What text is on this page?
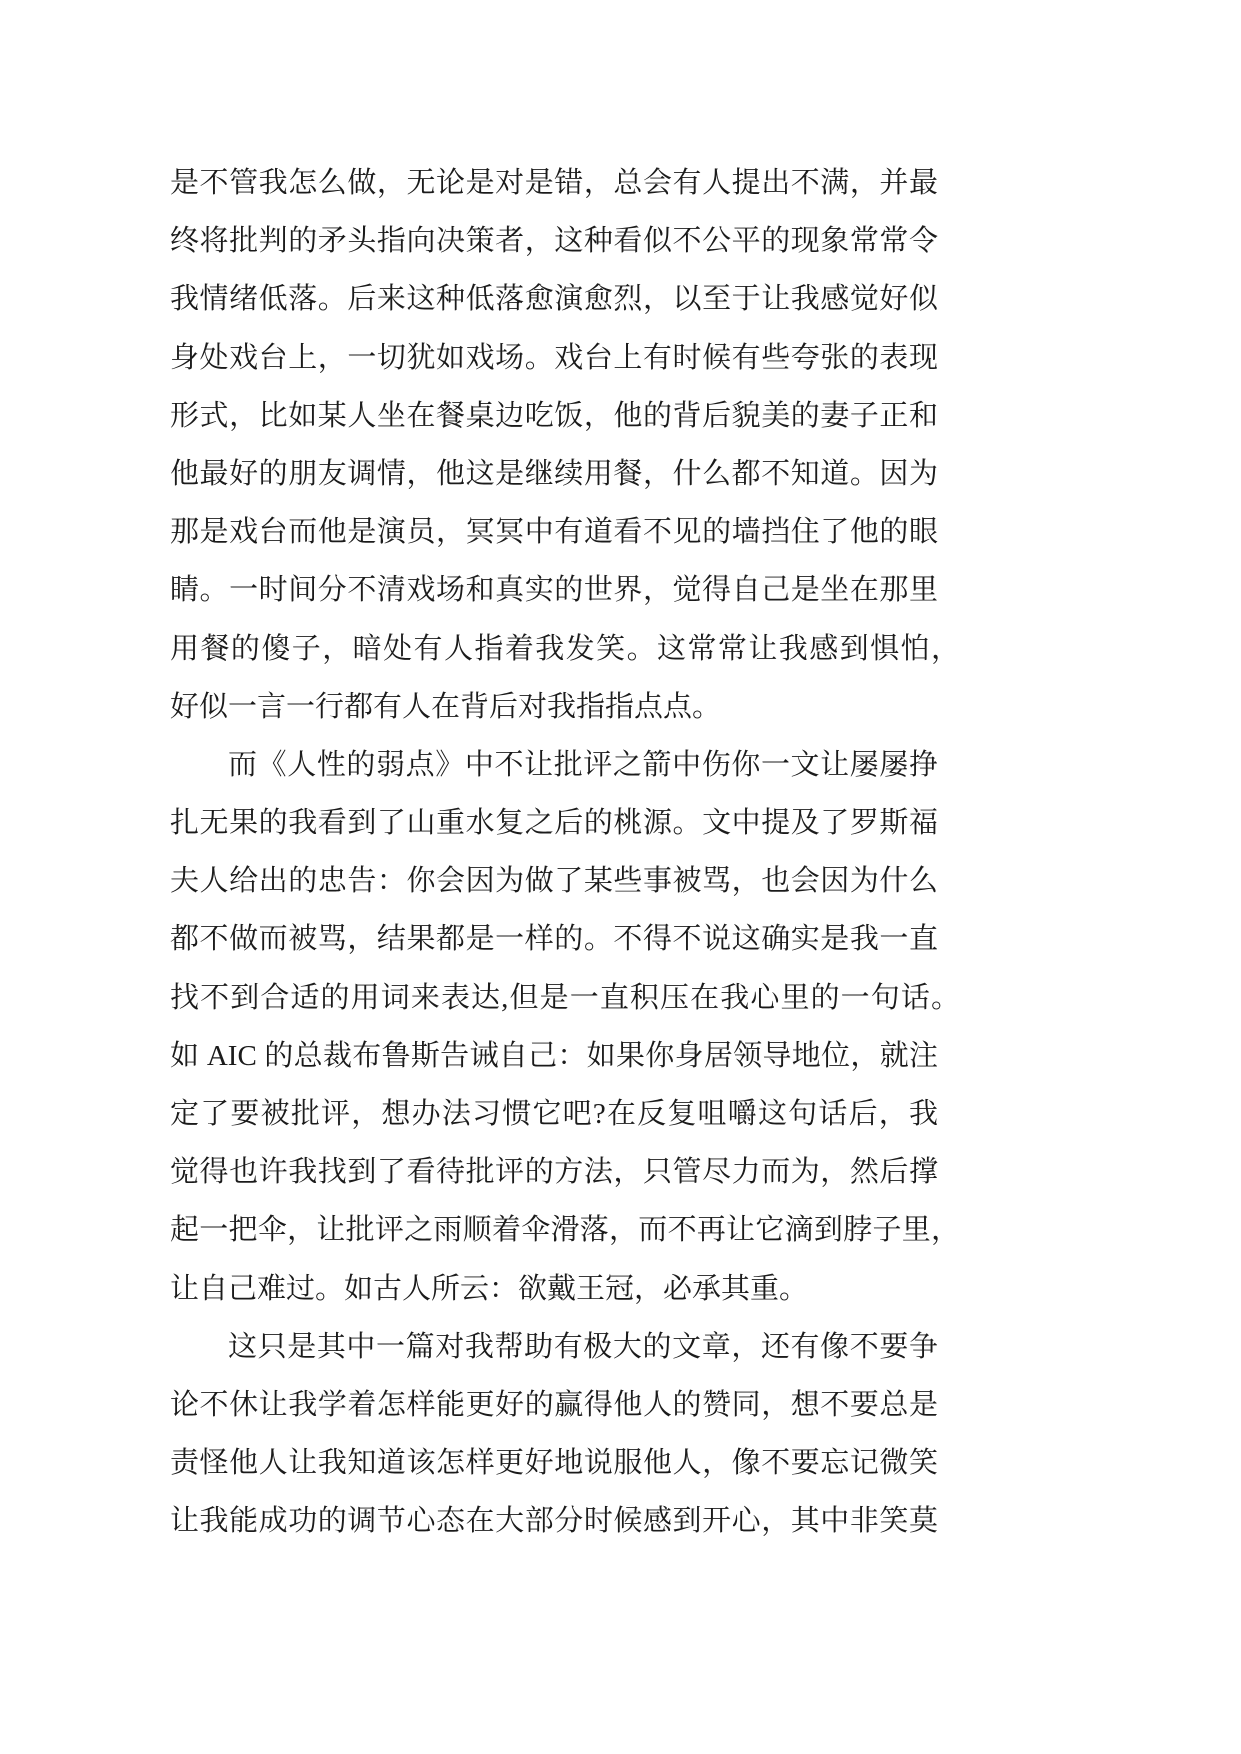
是不管我怎么做，无论是对是错，总会有人提出不满，并最
终将批判的矛头指向决策者，这种看似不公平的现象常常令
我情绪低落。后来这种低落愈演愈烈，以至于让我感觉好似
身处戏台上，一切犹如戏场。戏台上有时候有些夸张的表现
形式，比如某人坐在餐桌边吃饭，他的背后貌美的妻子正和
他最好的朋友调情，他这是继续用餐，什么都不知道。因为
那是戏台而他是演员，冥冥中有道看不见的墙挡住了他的眼
睛。一时间分不清戏场和真实的世界，觉得自己是坐在那里
用餐的傻子，暗处有人指着我发笑。这常常让我感到惧怕，
好似一言一行都有人在背后对我指指点点。
而《人性的弱点》中不让批评之箭中伤你一文让屡屡挣
扎无果的我看到了山重水复之后的桃源。文中提及了罗斯福
夫人给出的忠告：你会因为做了某些事被骂，也会因为什么
都不做而被骂，结果都是一样的。不得不说这确实是我一直
找不到合适的用词来表达,但是一直积压在我心里的一句话。
如 AIC 的总裁布鲁斯告诫自己：如果你身居领导地位，就注
定了要被批评，想办法习惯它吧?在反复咀嚼这句话后，我
觉得也许我找到了看待批评的方法，只管尽力而为，然后撑
起一把伞，让批评之雨顺着伞滑落，而不再让它滴到脖子里，
让自己难过。如古人所云：欲戴王冠，必承其重。
这只是其中一篇对我帮助有极大的文章，还有像不要争
论不休让我学着怎样能更好的赢得他人的赞同，想不要总是
责怪他人让我知道该怎样更好地说服他人，像不要忘记微笑
让我能成功的调节心态在大部分时候感到开心，其中非笑莫
